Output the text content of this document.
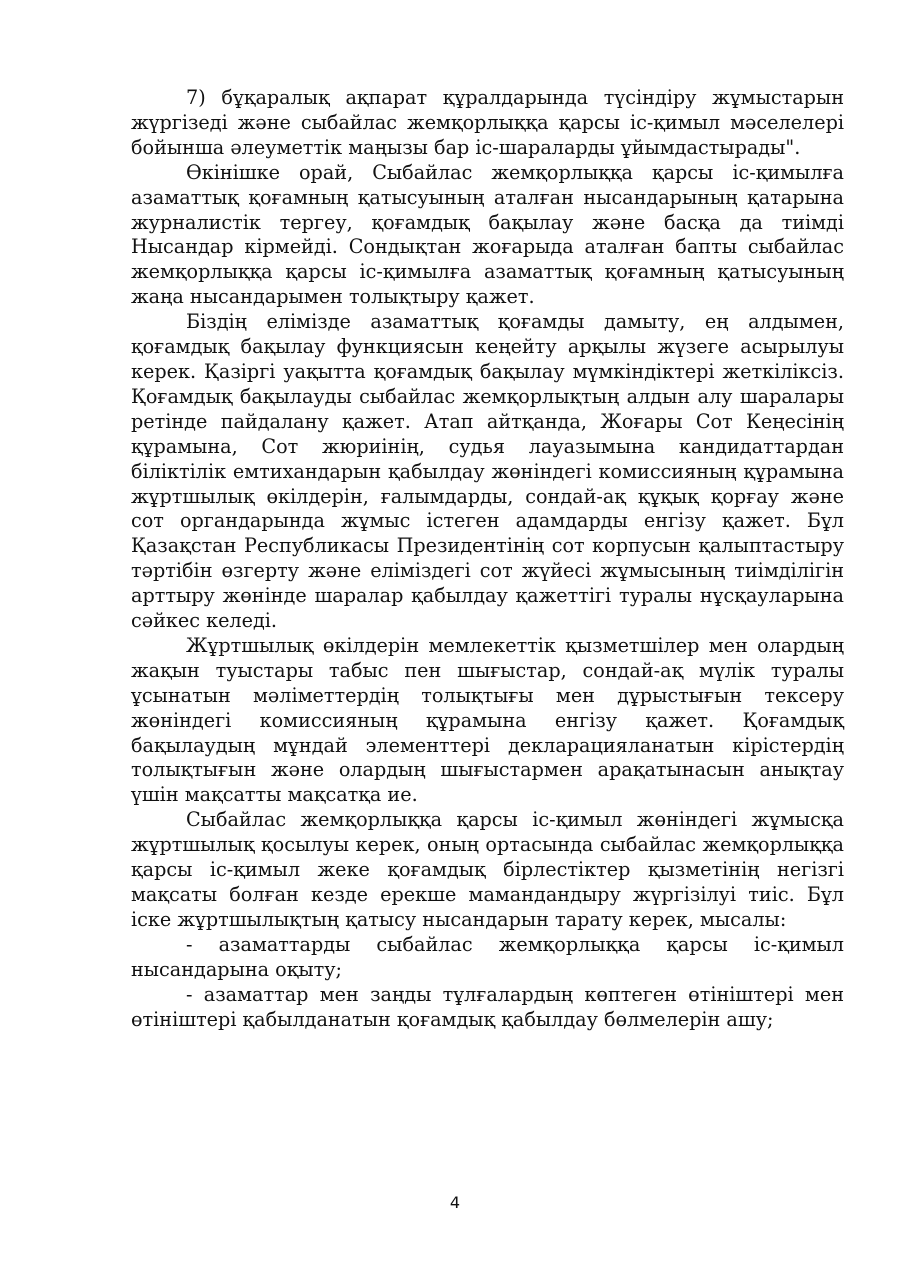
7) бұқаралық ақпарат құралдарында түсіндіру жұмыстарын жүргізеді және сыбайлас жемқорлыққа қарсы іс-қимыл мәселелері бойынша әлеуметтік маңызы бар іс-шараларды ұйымдастырады".

Өкінішке орай, Сыбайлас жемқорлыққа қарсы іс-қимылға азаматтық қоғамның қатысуының аталған нысандарының қатарына журналистік тергеу, қоғамдық бақылау және басқа да тиімді Нысандар кірмейді. Сондықтан жоғарыда аталған бапты сыбайлас жемқорлыққа қарсы іс-қимылға азаматтық қоғамның қатысуының жаңа нысандарымен толықтыру қажет.

Біздің елімізде азаматтық қоғамды дамыту, ең алдымен, қоғамдық бақылау функциясын кеңейту арқылы жүзеге асырылуы керек. Қазіргі уақытта қоғамдық бақылау мүмкіндіктері жеткіліксіз. Қоғамдық бақылауды сыбайлас жемқорлықтың алдын алу шаралары ретінде пайдалану қажет. Атап айтқанда, Жоғары Сот Кеңесінің құрамына, Сот жюриінің, судья лауазымына кандидаттардан біліктілік емтихандарын қабылдау жөніндегі комиссияның құрамына жұртшылық өкілдерін, ғалымдарды, сондай-ақ құқық қорғау және сот органдарында жұмыс істеген адамдарды енгізу қажет. Бұл Қазақстан Республикасы Президентінің сот корпусын қалыптастыру тәртібін өзгерту және еліміздегі сот жүйесі жұмысының тиімділігін арттыру жөнінде шаралар қабылдау қажеттігі туралы нұсқауларына сәйкес келеді.

Жұртшылық өкілдерін мемлекеттік қызметшілер мен олардың жақын туыстары табыс пен шығыстар, сондай-ақ мүлік туралы ұсынатын мәліметтердің толықтығы мен дұрыстығын тексеру жөніндегі комиссияның құрамына енгізу қажет. Қоғамдық бақылаудың мұндай элементтері декларацияланатын кірістердің толықтығын және олардың шығыстармен арақатынасын анықтау үшін мақсатты мақсатқа ие.

Сыбайлас жемқорлыққа қарсы іс-қимыл жөніндегі жұмысқа жұртшылық қосылуы керек, оның ортасында сыбайлас жемқорлыққа қарсы іс-қимыл жеке қоғамдық бірлестіктер қызметінің негізгі мақсаты болған кезде ерекше мамандандыру жүргізілуі тиіс. Бұл іске жұртшылықтың қатысу нысандарын тарату керек, мысалы:

- азаматтарды сыбайлас жемқорлыққа қарсы іс-қимыл нысандарына оқыту;

- азаматтар мен заңды тұлғалардың көптеген өтініштері мен өтініштері қабылданатын қоғамдық қабылдау бөлмелерін ашу;

4
